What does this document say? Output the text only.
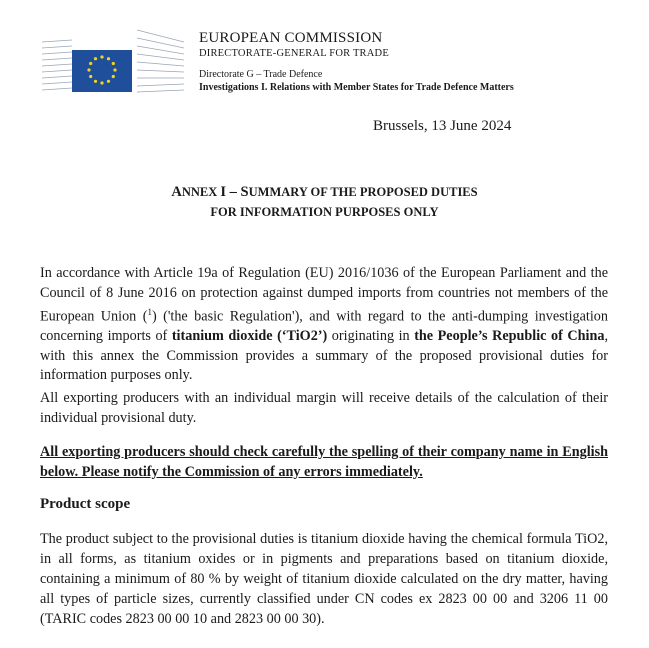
EUROPEAN COMMISSION
DIRECTORATE-GENERAL FOR TRADE
Directorate G – Trade Defence
Investigations I. Relations with Member States for Trade Defence Matters
Brussels, 13 June 2024
ANNEX I – SUMMARY OF THE PROPOSED DUTIES
FOR INFORMATION PURPOSES ONLY

In accordance with Article 19a of Regulation (EU) 2016/1036 of the European Parliament and the Council of 8 June 2016 on protection against dumped imports from countries not members of the European Union ($^1$) ('the basic Regulation'), and with regard to the anti-dumping investigation concerning imports of titanium dioxide (‘TiO2’) originating in the People’s Republic of China, with this annex the Commission provides a summary of the proposed provisional duties for information purposes only.

All exporting producers with an individual margin will receive details of the calculation of their individual provisional duty.

All exporting producers should check carefully the spelling of their company name in English below. Please notify the Commission of any errors immediately.

Product scope

The product subject to the provisional duties is titanium dioxide having the chemical formula TiO2, in all forms, as titanium oxides or in pigments and preparations based on titanium dioxide, containing a minimum of 80 % by weight of titanium dioxide calculated on the dry matter, having all types of particle sizes, currently classified under CN codes ex 2823 00 00 and 3206 11 00 (TARIC codes 2823 00 00 10 and 2823 00 00 30).
